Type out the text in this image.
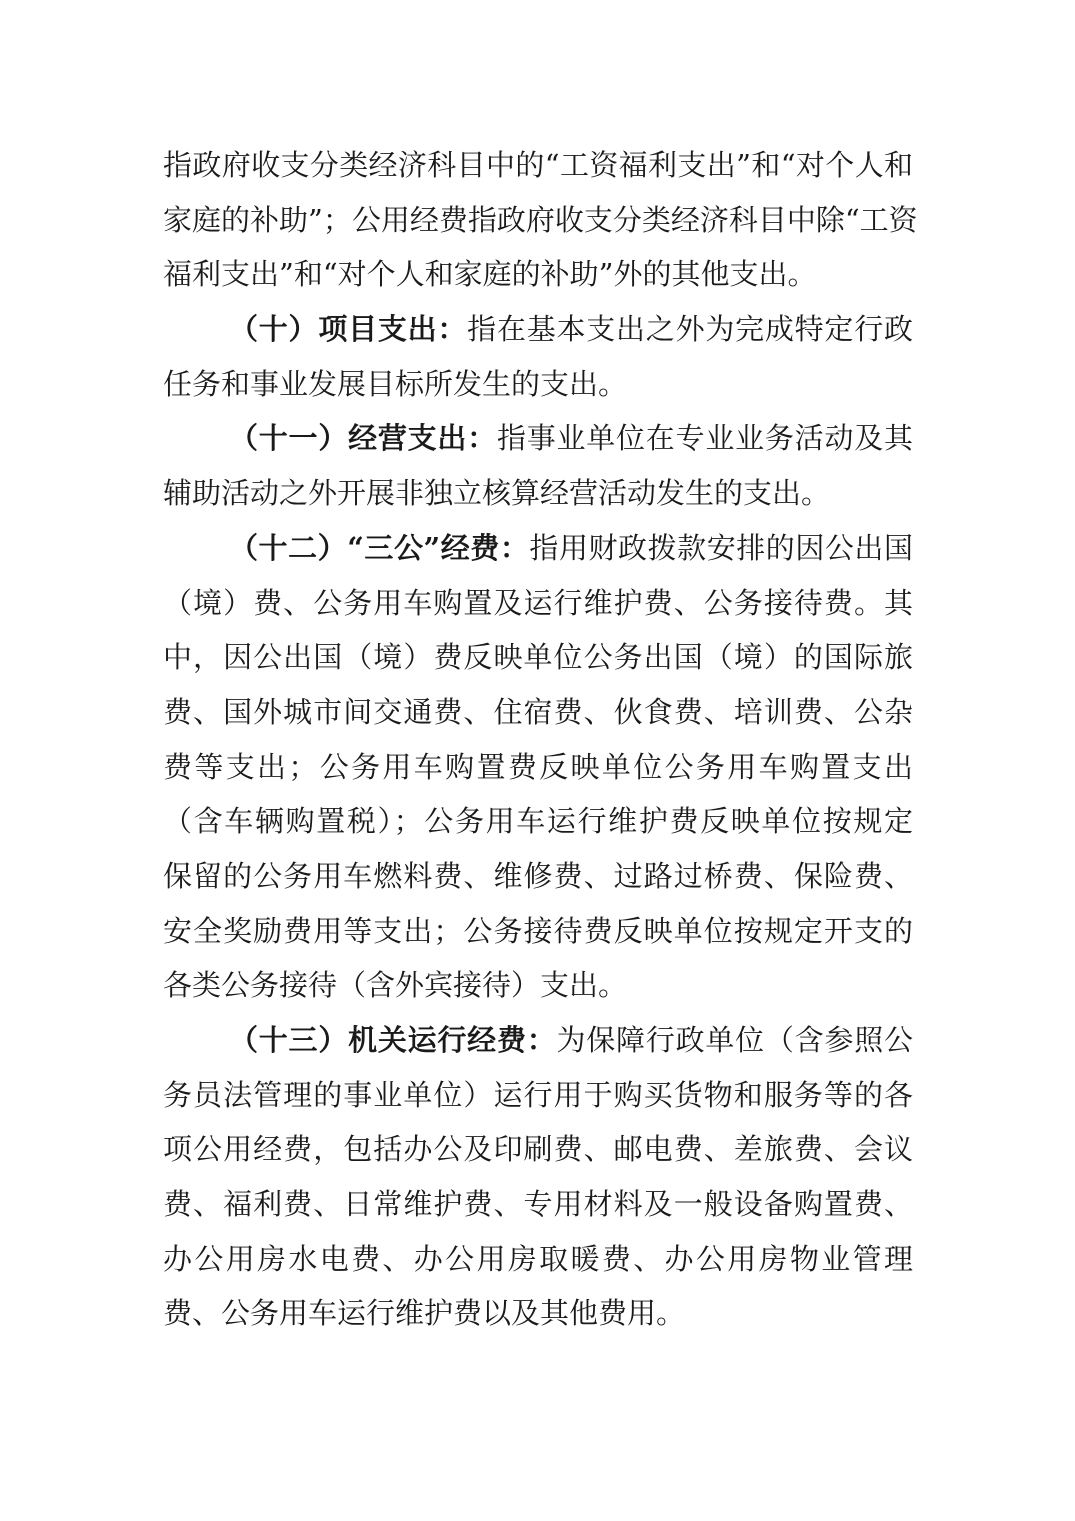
指政府收支分类经济科目中的“工资福利支出”和“对个人和
家庭的补助”；公用经费指政府收支分类经济科目中除“工资
福利支出”和“对个人和家庭的补助”外的其他支出。
（十）项目支出：指在基本支出之外为完成特定行政
任务和事业发展目标所发生的支出。
（十一）经营支出：指事业单位在专业业务活动及其
辅助活动之外开展非独立核算经营活动发生的支出。
（十二）“三公”经费：指用财政拨款安排的因公出国
（境）费、公务用车购置及运行维护费、公务接待费。其
中，因公出国（境）费反映单位公务出国（境）的国际旅
费、国外城市间交通费、住宿费、伙食费、培训费、公杂
费等支出；公务用车购置费反映单位公务用车购置支出
（含车辆购置税）；公务用车运行维护费反映单位按规定
保留的公务用车燃料费、维修费、过路过桥费、保险费、
安全奖励费用等支出；公务接待费反映单位按规定开支的
各类公务接待（含外宾接待）支出。
（十三）机关运行经费：为保障行政单位（含参照公
务员法管理的事业单位）运行用于购买货物和服务等的各
项公用经费，包括办公及印刷费、邮电费、差旅费、会议
费、福利费、日常维护费、专用材料及一般设备购置费、
办公用房水电费、办公用房取暖费、办公用房物业管理
费、公务用车运行维护费以及其他费用。
